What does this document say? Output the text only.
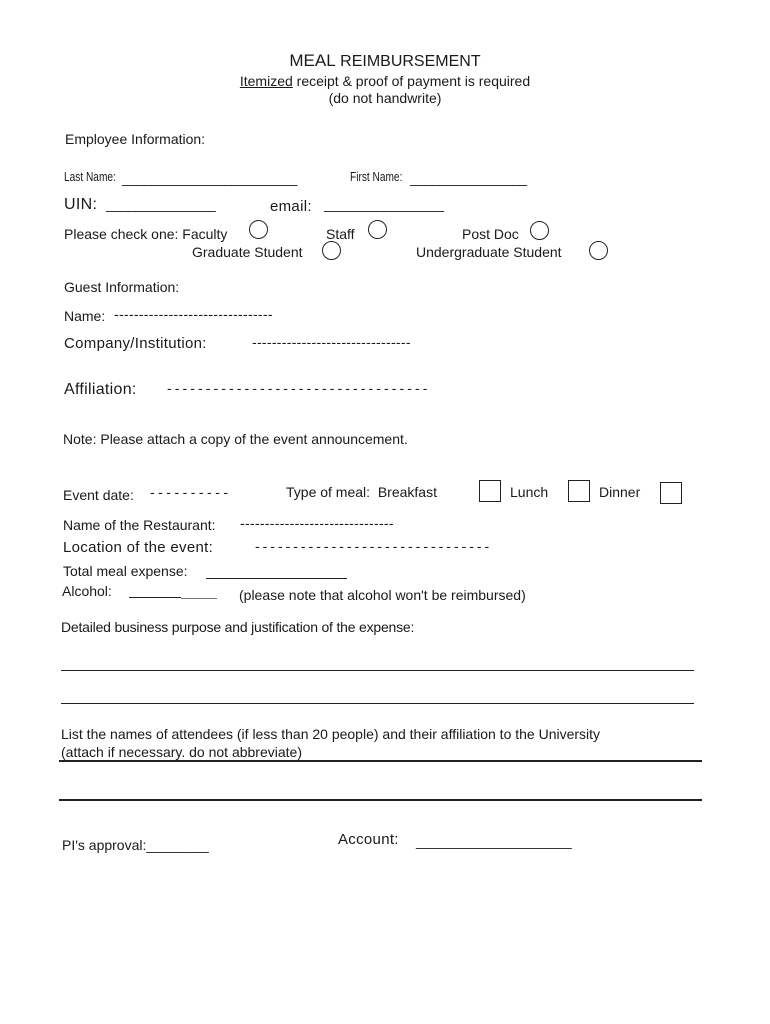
MEAL REIMBURSEMENT
Itemized receipt & proof of payment is required
(do not handwrite)
Employee Information:
Last Name: ________________________	First Name: ________________
UIN: _______________	email: ________________
Please check one: Faculty	Staff	Post Doc
Graduate Student	Undergraduate Student
Guest Information:
Name: --------------------------------
Company/Institution:	--------------------------------
Affiliation: - - - - - - - - - - - - - - - - - - - - - - - - - - - - - - - - - -
Note: Please attach a copy of the event announcement.
Event date: - - - - - - - - - -	Type of meal: Breakfast	Lunch	Dinner
Name of the Restaurant: -------------------------------
Location of the event:	- - - - - - - - - - - - - - - - - - - - - - - - - - - - - - -
Total meal expense:
Alcohol:	(please note that alcohol won't be reimbursed)
Detailed business purpose and justification of the expense:
List the names of attendees (if less than 20 people) and their affiliation to the University
(attach if necessary. do not abbreviate)
PI's approval:________	Account: ____________________
